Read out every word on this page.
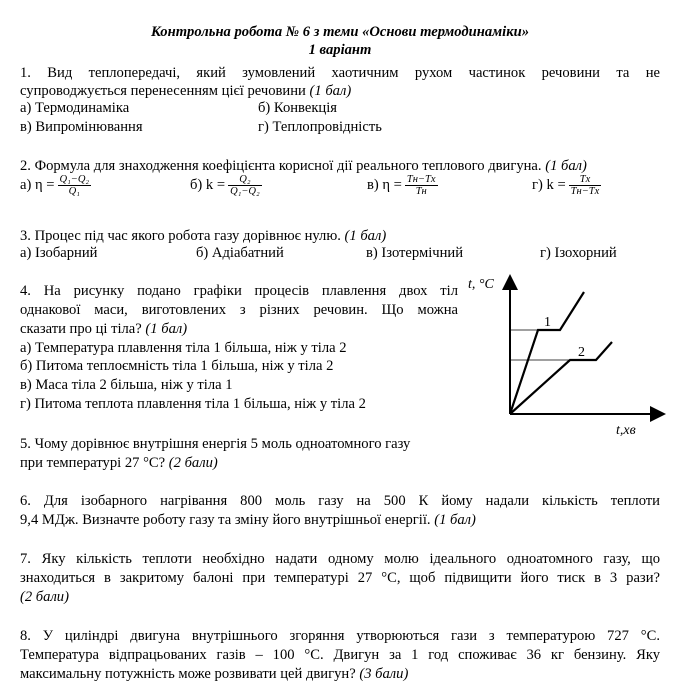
Контрольна робота № 6 з теми «Основи термодинаміки»
1 варіант
1. Вид теплопередачі, який зумовлений хаотичним рухом частинок речовини та не
супроводжується перенесенням цієї речовини (1 бал)
а) Термодинаміка	б) Конвекція
в) Випромінювання	г) Теплопровідність
2. Формула для знаходження коефіцієнта корисної дії реального теплового двигуна. (1 бал)
а) $\eta = \frac{\text{Q₁−Q₂}}{\text{Q₁}}$	б) $k = \frac{\text{Q₂}}{\text{Q₁−Q₂}}$	в) $\eta = \frac{Tн-Tх}{Tн}$	г) $k = \frac{Tх}{Tн-Tх}$
3. Процес під час якого робота газу дорівнює нулю. (1 бал)
а) Ізобарний	б) Адіабатний	в) Ізотермічний	г) Ізохорний
4. На рисунку подано графіки процесів плавлення двох тіл
однакової маси, виготовлених з різних речовин. Що можна
сказати про ці тіла? (1 бал)
а) Температура плавлення тіла 1 більша, ніж у тіла 2
б) Питома теплоємність тіла 1 більша, ніж у тіла 2
в) Маса тіла 2 більша, ніж у тіла 1
г) Питома теплота плавлення тіла 1 більша, ніж у тіла 2
t, °C
1
2
t,хв
5. Чому дорівнює внутрішня енергія 5 моль одноатомного газу
при температурі 27 °С? (2 бали)
6. Для ізобарного нагрівання 800 моль газу на 500 К йому надали кількість теплоти
9,4 МДж. Визначте роботу газу та зміну його внутрішньої енергії. (1 бал)
7. Яку кількість теплоти необхідно надати одному молю ідеального одноатомного газу, що
знаходиться в закритому балоні при температурі 27 °С, щоб підвищити його тиск в 3 рази?
(2 бали)
8. У циліндрі двигуна внутрішнього згоряння утворюються гази з температурою 727 °С.
Температура відпрацьованих газів – 100 °С. Двигун за 1 год споживає 36 кг бензину. Яку
максимальну потужність може розвивати цей двигун? (3 бали)
